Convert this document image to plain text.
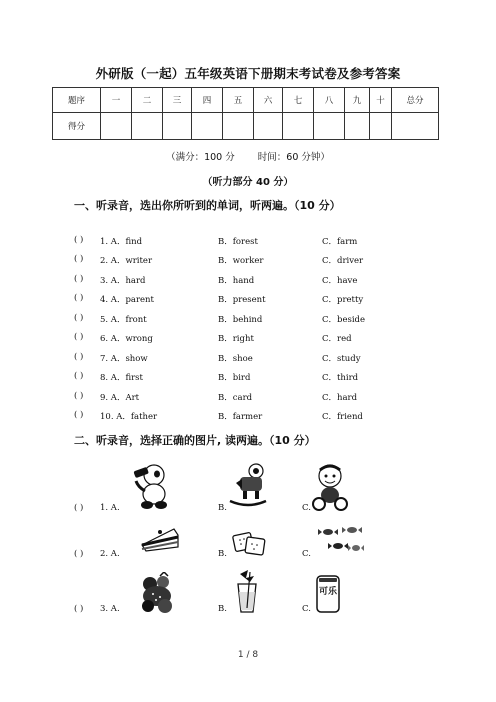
外研版（一起）五年级英语下册期末考试卷及参考答案
题序	一	二	三	四	五	六	七	八	九	十	总分
得分											
（满分：100 分 时间：60 分钟）
（听力部分 40 分）
一、听录音，选出你所听到的单词，听两遍。（10 分）
( ) 1. A．find	B．forest	C．farm
( ) 2. A．writer	B．worker	C．driver
( ) 3. A．hard	B．hand	C．have
( ) 4. A．parent	B．present	C．pretty
( ) 5. A．front	B．behind	C．beside
( ) 6. A．wrong	B．right	C．red
( ) 7. A．show	B．shoe	C．study
( ) 8. A．first	B．bird	C．third
( ) 9. A．Art	B．card	C．hard
( ) 10. A．father	B．farmer	C．friend
二、听录音，选择正确的图片, 读两遍。（10 分）
( ) 1. A.	B.	C.
( ) 2. A.	B.	C.
( ) 3. A.	B.	C.
可乐
1 / 8
